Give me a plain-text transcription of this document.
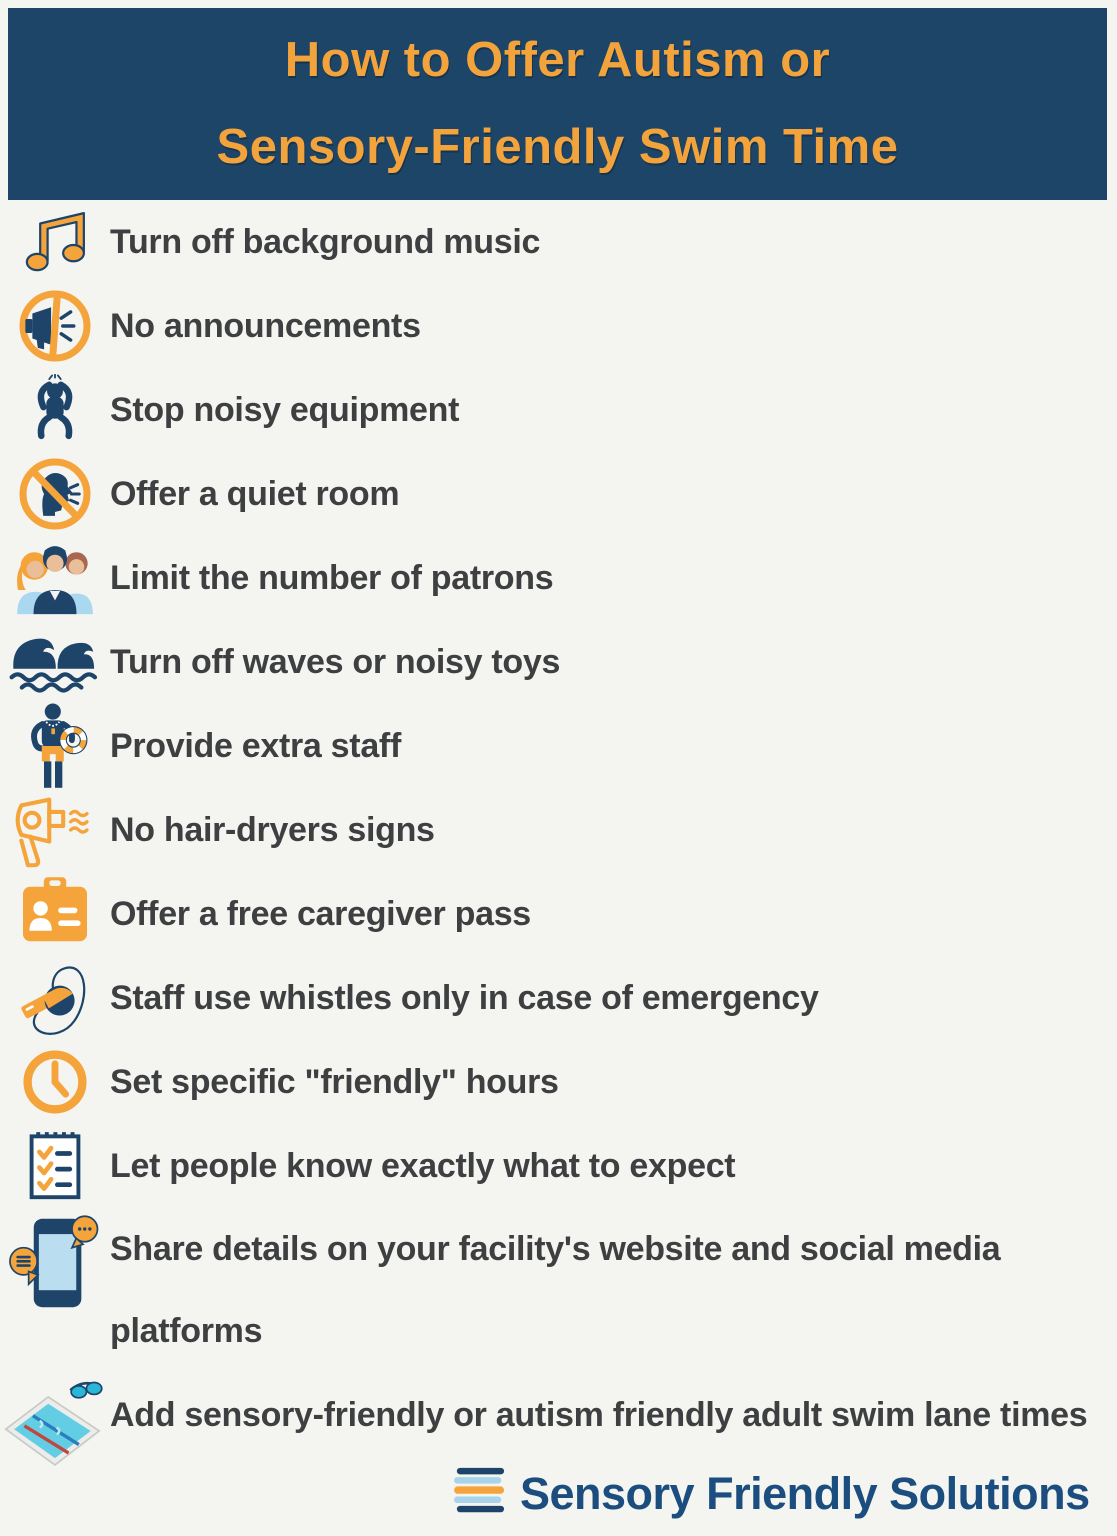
How to Offer Autism or
Sensory-Friendly Swim Time
Turn off background music
No announcements
Stop noisy equipment
Offer a quiet room
Limit the number of patrons
Turn off waves or noisy toys
Provide extra staff
No hair-dryers signs
Offer a free caregiver pass
Staff use whistles only in case of emergency
Set specific "friendly" hours
Let people know exactly what to expect
Share details on your facility's website and social media platforms
Add sensory-friendly or autism friendly adult swim lane times
Sensory Friendly Solutions
